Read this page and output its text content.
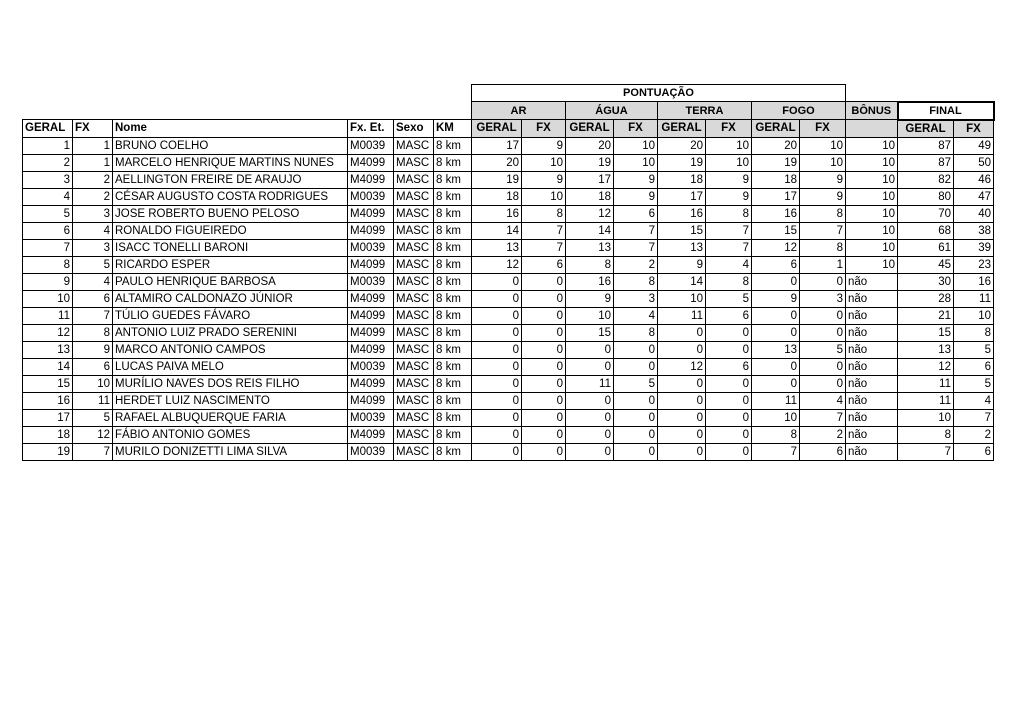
						PONTUAÇÃO										
						AR		ÁGUA		TERRA		FOGO		BÔNUS	FINAL	
GERAL	FX	Nome	Fx. Et.	Sexo	KM	GERAL	FX	GERAL	FX	GERAL	FX	GERAL	FX		GERAL	FX
1	1	BRUNO COELHO	M0039	MASC	8 km	17	9	20	10	20	10	20	10	10	87	49
2	1	MARCELO HENRIQUE MARTINS NUNES	M4099	MASC	8 km	20	10	19	10	19	10	19	10	10	87	50
3	2	AELLINGTON FREIRE DE ARAUJO	M4099	MASC	8 km	19	9	17	9	18	9	18	9	10	82	46
4	2	CÉSAR AUGUSTO COSTA RODRIGUES	M0039	MASC	8 km	18	10	18	9	17	9	17	9	10	80	47
5	3	JOSE ROBERTO BUENO PELOSO	M4099	MASC	8 km	16	8	12	6	16	8	16	8	10	70	40
6	4	RONALDO FIGUEIREDO	M4099	MASC	8 km	14	7	14	7	15	7	15	7	10	68	38
7	3	ISACC TONELLI BARONI	M0039	MASC	8 km	13	7	13	7	13	7	12	8	10	61	39
8	5	RICARDO ESPER	M4099	MASC	8 km	12	6	8	2	9	4	6	1	10	45	23
9	4	PAULO HENRIQUE BARBOSA	M0039	MASC	8 km	0	0	16	8	14	8	0	0	não	30	16
10	6	ALTAMIRO CALDONAZO JÚNIOR	M4099	MASC	8 km	0	0	9	3	10	5	9	3	não	28	11
11	7	TÚLIO GUEDES FÁVARO	M4099	MASC	8 km	0	0	10	4	11	6	0	0	não	21	10
12	8	ANTONIO LUIZ PRADO SERENINI	M4099	MASC	8 km	0	0	15	8	0	0	0	0	não	15	8
13	9	MARCO ANTONIO CAMPOS	M4099	MASC	8 km	0	0	0	0	0	0	13	5	não	13	5
14	6	LUCAS PAIVA MELO	M0039	MASC	8 km	0	0	0	0	12	6	0	0	não	12	6
15	10	MURÍLIO NAVES DOS REIS FILHO	M4099	MASC	8 km	0	0	11	5	0	0	0	0	não	11	5
16	11	HERDET LUIZ NASCIMENTO	M4099	MASC	8 km	0	0	0	0	0	0	11	4	não	11	4
17	5	RAFAEL ALBUQUERQUE FARIA	M0039	MASC	8 km	0	0	0	0	0	0	10	7	não	10	7
18	12	FÁBIO ANTONIO GOMES	M4099	MASC	8 km	0	0	0	0	0	0	8	2	não	8	2
19	7	MURILO DONIZETTI LIMA SILVA	M0039	MASC	8 km	0	0	0	0	0	0	7	6	não	7	6
